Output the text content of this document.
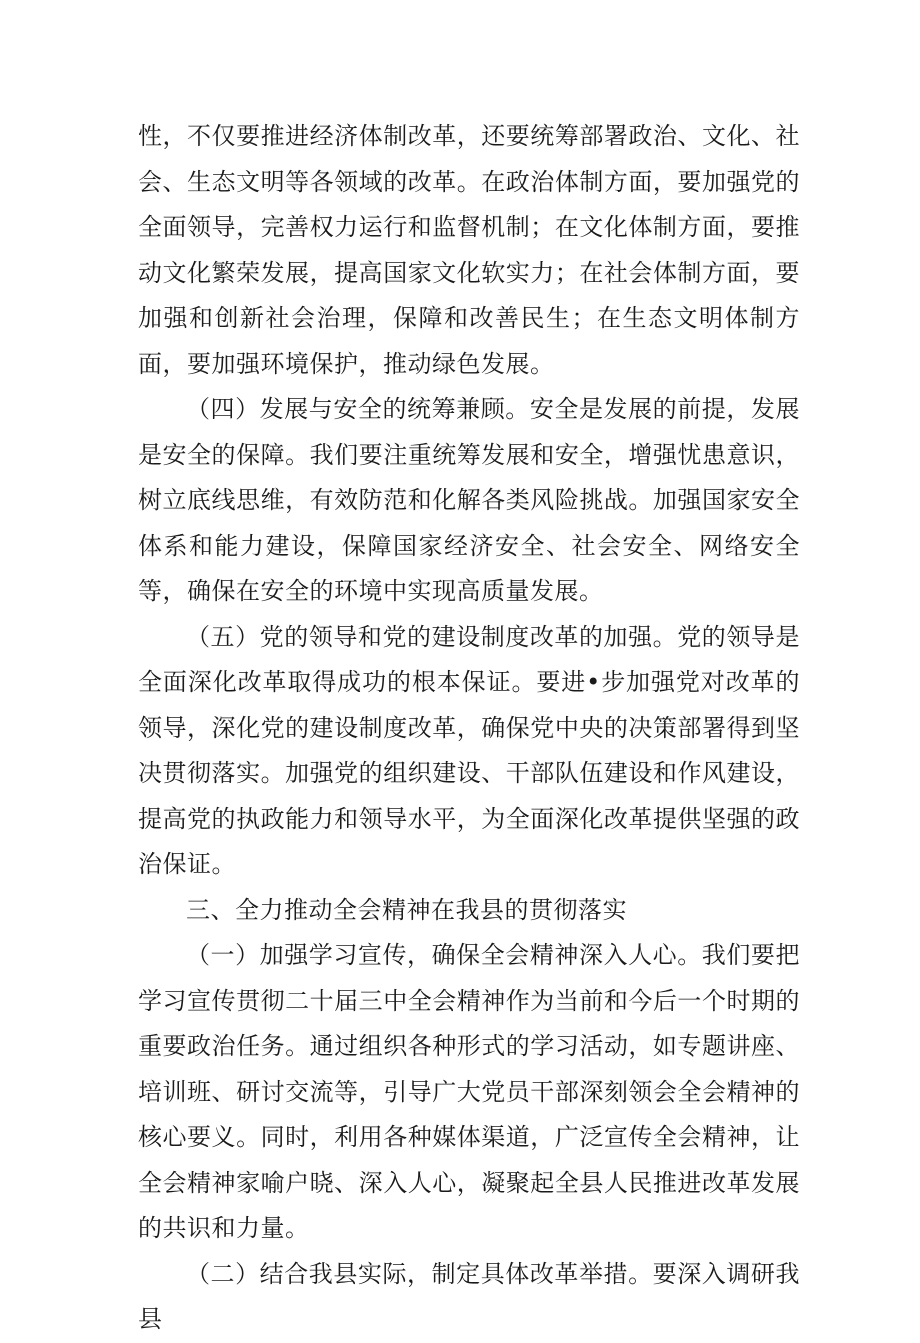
性，不仅要推进经济体制改革，还要统筹部署政治、文化、社会、生态文明等各领域的改革。在政治体制方面，要加强党的全面领导，完善权力运行和监督机制；在文化体制方面，要推动文化繁荣发展，提高国家文化软实力；在社会体制方面，要加强和创新社会治理，保障和改善民生；在生态文明体制方面，要加强环境保护，推动绿色发展。

（四）发展与安全的统筹兼顾。安全是发展的前提，发展是安全的保障。我们要注重统筹发展和安全，增强忧患意识，树立底线思维，有效防范和化解各类风险挑战。加强国家安全体系和能力建设，保障国家经济安全、社会安全、网络安全等，确保在安全的环境中实现高质量发展。

（五）党的领导和党的建设制度改革的加强。党的领导是全面深化改革取得成功的根本保证。要进•步加强党对改革的领导，深化党的建设制度改革，确保党中央的决策部署得到坚决贯彻落实。加强党的组织建设、干部队伍建设和作风建设，提高党的执政能力和领导水平，为全面深化改革提供坚强的政治保证。

三、全力推动全会精神在我县的贯彻落实

（一）加强学习宣传，确保全会精神深入人心。我们要把学习宣传贯彻二十届三中全会精神作为当前和今后一个时期的重要政治任务。通过组织各种形式的学习活动，如专题讲座、培训班、研讨交流等，引导广大党员干部深刻领会全会精神的核心要义。同时，利用各种媒体渠道，广泛宣传全会精神，让全会精神家喻户晓、深入人心，凝聚起全县人民推进改革发展的共识和力量。

（二）结合我县实际，制定具体改革举措。要深入调研我县
